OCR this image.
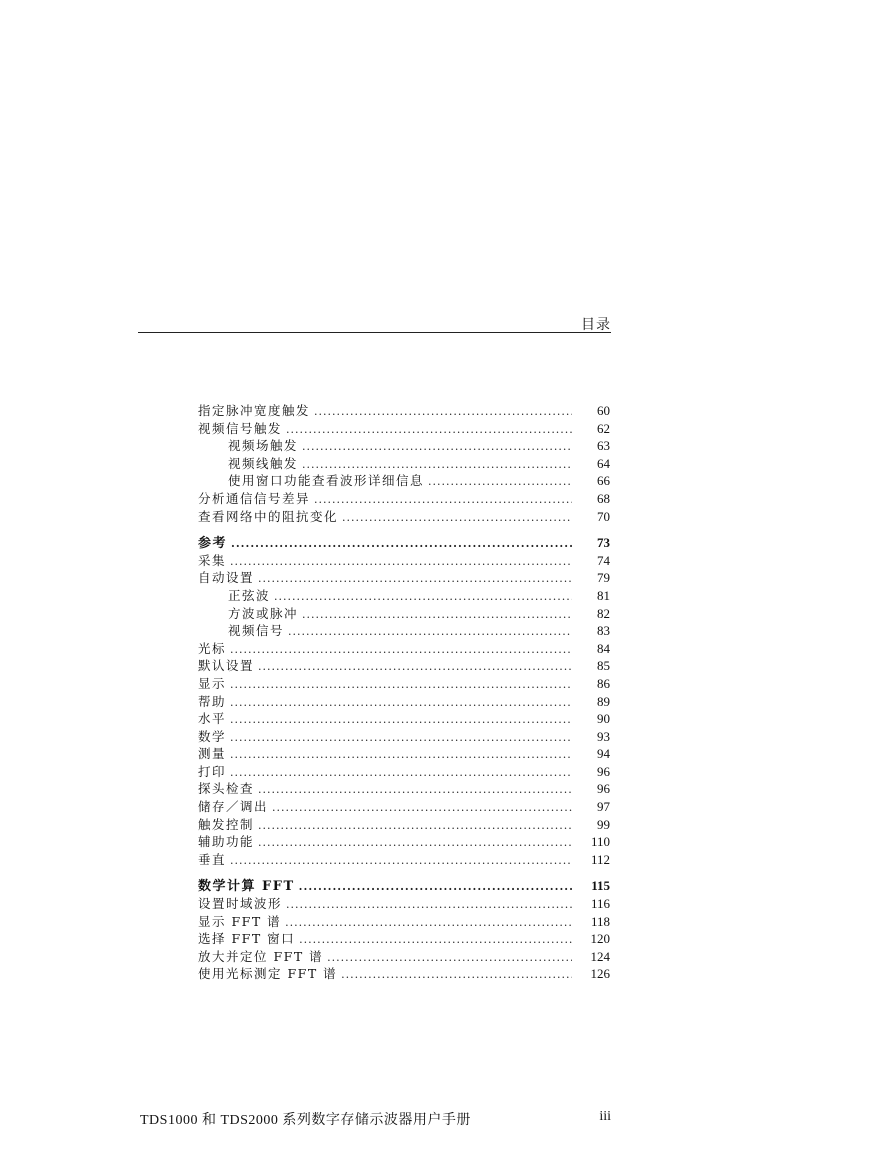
目录
指定脉冲宽度触发 .....	60
视频信号触发 .....	62
视频场触发 .....	63
视频线触发 .....	64
使用窗口功能查看波形详细信息 .....	66
分析通信信号差异 .....	68
查看网络中的阻抗变化 .....	70
参考 .....	73
采集 .....	74
自动设置 .....	79
正弦波 .....	81
方波或脉冲 .....	82
视频信号 .....	83
光标 .....	84
默认设置 .....	85
显示 .....	86
帮助 .....	89
水平 .....	90
数学 .....	93
测量 .....	94
打印 .....	96
探头检查 .....	96
储存／调出 .....	97
触发控制 .....	99
辅助功能 .....	110
垂直 .....	112
数学计算 FFT .....	115
设置时域波形 .....	116
显示 FFT 谱 .....	118
选择 FFT 窗口 .....	120
放大并定位 FFT 谱 .....	124
使用光标测定 FFT 谱 .....	126
TDS1000 和 TDS2000 系列数字存储示波器用户手册	iii
